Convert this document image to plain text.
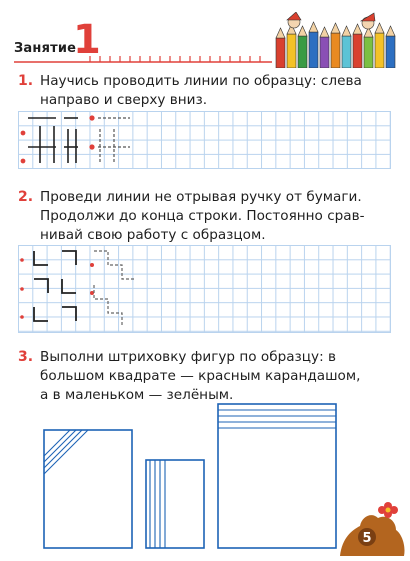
Занятие
1
1. Научись проводить линии по образцу: слева
направо и сверху вниз.
2. Проведи линии не отрывая ручку от бумаги.
Продолжи до конца строки. Постоянно срав-
нивай свою работу с образцом.
3. Выполни штриховку фигур по образцу: в
большом квадрате — красным карандашом,
а в маленьком — зелёным.
5
